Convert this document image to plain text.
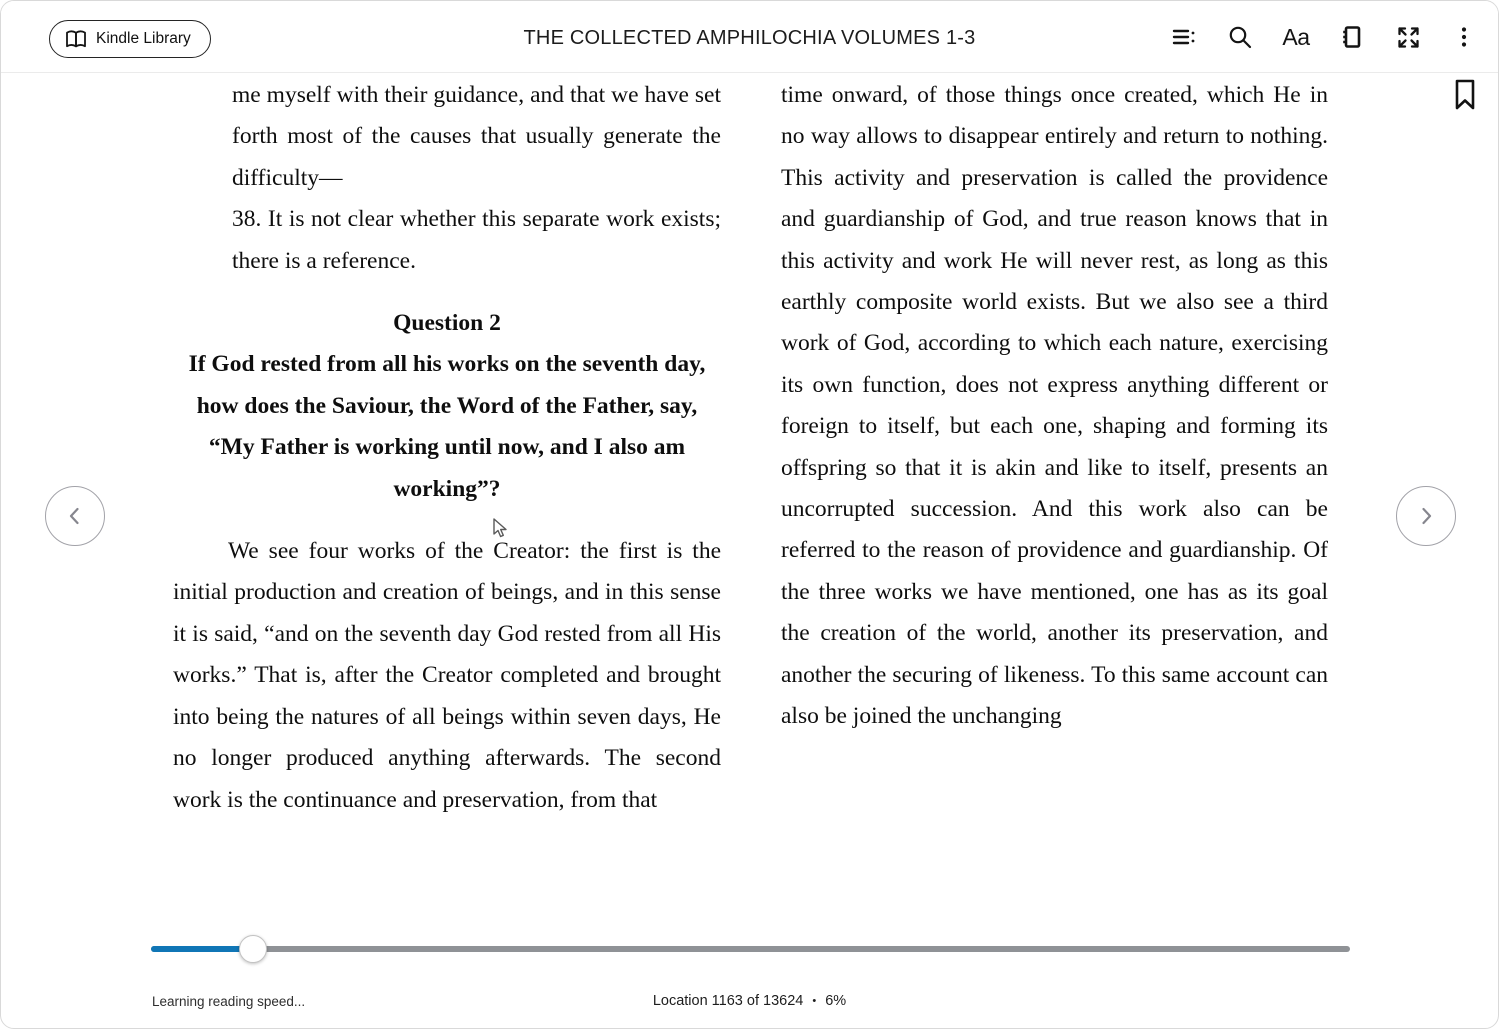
Kindle Library	THE COLLECTED AMPHILOCHIA VOLUMES 1-3	Aa

me myself with their guidance, and that we have set forth most of the causes that usually generate the difficulty—

38. It is not clear whether this separate work exists; there is a reference.

Question 2

If God rested from all his works on the seventh day, how does the Saviour, the Word of the Father, say, “My Father is working until now, and I also am working”?

We see four works of the Creator: the first is the initial production and creation of beings, and in this sense it is said, “and on the seventh day God rested from all His works.” That is, after the Creator completed and brought into being the natures of all beings within seven days, He no longer produced anything afterwards. The second work is the continuance and preservation, from that

time onward, of those things once created, which He in no way allows to disappear entirely and return to nothing. This activity and preservation is called the providence and guardianship of God, and true reason knows that in this activity and work He will never rest, as long as this earthly composite world exists. But we also see a third work of God, according to which each nature, exercising its own function, does not express anything different or foreign to itself, but each one, shaping and forming its offspring so that it is akin and like to itself, presents an uncorrupted succession. And this work also can be referred to the reason of providence and guardianship. Of the three works we have mentioned, one has as its goal the creation of the world, another its preservation, and another the securing of likeness. To this same account can also be joined the unchanging

Learning reading speed...	Location 1163 of 13624 • 6%
